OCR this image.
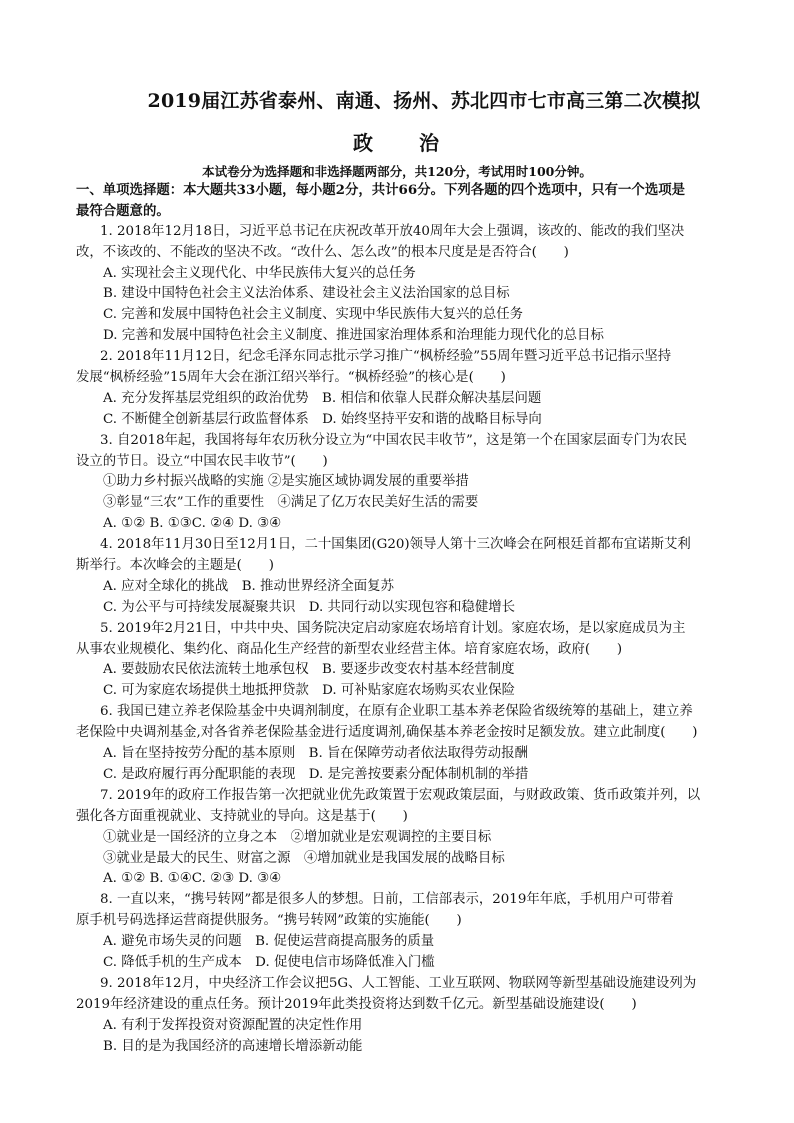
2019届江苏省泰州、南通、扬州、苏北四市七市高三第二次模拟
政 治
本试卷分为选择题和非选择题两部分，共120分，考试用时100分钟。
一、单项选择题：本大题共33小题，每小题2分，共计66分。下列各题的四个选项中，只有一个选项是
最符合题意的。
1. 2018年12月18日，习近平总书记在庆祝改革开放40周年大会上强调，该改的、能改的我们坚决
改，不该改的、不能改的坚决不改。“改什么、怎么改”的根本尺度是是否符合(　　)
A. 实现社会主义现代化、中华民族伟大复兴的总任务
B. 建设中国特色社会主义法治体系、建设社会主义法治国家的总目标
C. 完善和发展中国特色社会主义制度、实现中华民族伟大复兴的总任务
D. 完善和发展中国特色社会主义制度、推进国家治理体系和治理能力现代化的总目标
2. 2018年11月12日，纪念毛泽东同志批示学习推广“枫桥经验”55周年暨习近平总书记指示坚持
发展“枫桥经验”15周年大会在浙江绍兴举行。“枫桥经验”的核心是(　　)
A. 充分发挥基层党组织的政治优势　B. 相信和依靠人民群众解决基层问题
C. 不断健全创新基层行政监督体系　D. 始终坚持平安和谐的战略目标导向
3. 自2018年起，我国将每年农历秋分设立为“中国农民丰收节”，这是第一个在国家层面专门为农民
设立的节日。设立“中国农民丰收节”(　　)
①助力乡村振兴战略的实施 ②是实施区域协调发展的重要举措
③彰显“三农”工作的重要性　④满足了亿万农民美好生活的需要
A. ①② B. ①③C. ②④ D. ③④
4. 2018年11月30日至12月1日，二十国集团(G20)领导人第十三次峰会在阿根廷首都布宜诺斯艾利
斯举行。本次峰会的主题是(　　)
A. 应对全球化的挑战　B. 推动世界经济全面复苏
C. 为公平与可持续发展凝聚共识　D. 共同行动以实现包容和稳健增长
5. 2019年2月21日，中共中央、国务院决定启动家庭农场培育计划。家庭农场，是以家庭成员为主
从事农业规模化、集约化、商品化生产经营的新型农业经营主体。培育家庭农场，政府(　　)
A. 要鼓励农民依法流转土地承包权　B. 要逐步改变农村基本经营制度
C. 可为家庭农场提供土地抵押贷款　D. 可补贴家庭农场购买农业保险
6. 我国已建立养老保险基金中央调剂制度，在原有企业职工基本养老保险省级统筹的基础上，建立养
老保险中央调剂基金,对各省养老保险基金进行适度调剂,确保基本养老金按时足额发放。建立此制度(　　)
A. 旨在坚持按劳分配的基本原则　B. 旨在保障劳动者依法取得劳动报酬
C. 是政府履行再分配职能的表现　D. 是完善按要素分配体制机制的举措
7. 2019年的政府工作报告第一次把就业优先政策置于宏观政策层面，与财政政策、货币政策并列，以
强化各方面重视就业、支持就业的导向。这是基于(　　)
①就业是一国经济的立身之本　②增加就业是宏观调控的主要目标
③就业是最大的民生、财富之源　④增加就业是我国发展的战略目标
A. ①② B. ①④C. ②③ D. ③④
8. 一直以来，“携号转网”都是很多人的梦想。日前，工信部表示，2019年年底，手机用户可带着
原手机号码选择运营商提供服务。“携号转网”政策的实施能(　　)
A. 避免市场失灵的问题　B. 促使运营商提高服务的质量
C. 降低手机的生产成本　D. 促使电信市场降低准入门槛
9. 2018年12月，中央经济工作会议把5G、人工智能、工业互联网、物联网等新型基础设施建设列为
2019年经济建设的重点任务。预计2019年此类投资将达到数千亿元。新型基础设施建设(　　)
A. 有利于发挥投资对资源配置的决定性作用
B. 目的是为我国经济的高速增长增添新动能
